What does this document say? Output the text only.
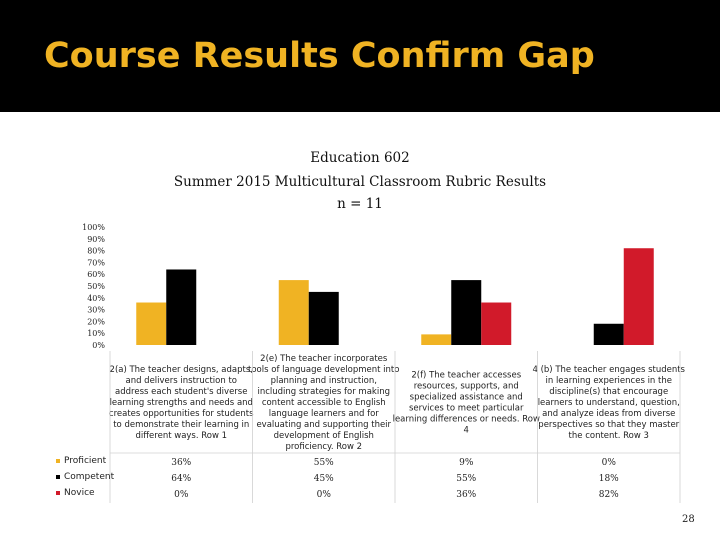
Course Results Confirm Gap
Education 602
Summer 2015 Multicultural Classroom Rubric Results
n = 11
0%
10%
20%
30%
40%
50%
60%
70%
80%
90%
100%
2(a) The teacher designs, adapts, and delivers instruction to address each student's diverse learning strengths and needs and creates opportunities for students to demonstrate their learning in different ways. Row 1
2(e) The teacher incorporates tools of language development into planning and instruction, including strategies for making content accessible to English language learners and for evaluating and supporting their development of English proficiency. Row 2
2(f) The teacher accesses resources, supports, and specialized assistance and services to meet particular learning differences or needs. Row 4
4 (b) The teacher engages students in learning experiences in the discipline(s) that encourage learners to understand, question, and analyze ideas from diverse perspectives so that they master the content. Row 3
36%	55%	9%	0%
64%	45%	55%	18%
0%	0%	36%	82%
Proficient
Competent
Novice
28
